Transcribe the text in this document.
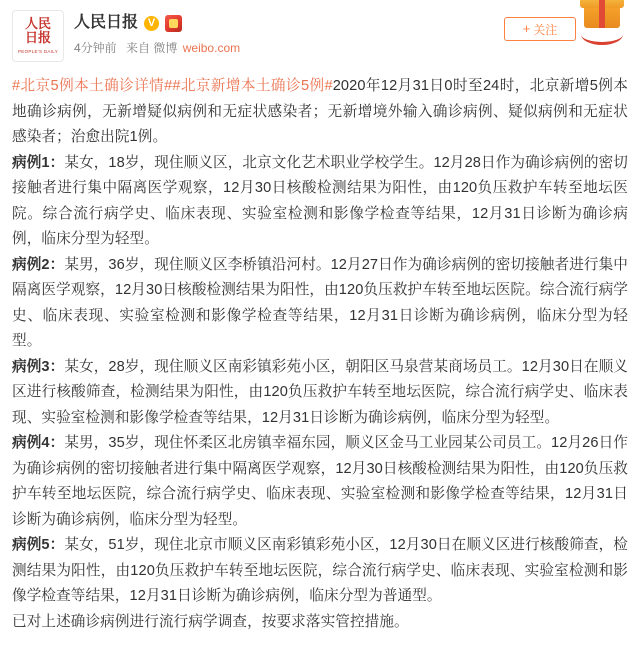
人民
日报
PEOPLE'S DAILY
人民日报 V
4分钟前 来自 微博 weibo.com
+ 关注

#北京5例本土确诊详情##北京新增本土确诊5例#2020年12月31日0时至24时，北京新增5例本地确诊病例，无新增疑似病例和无症状感染者；无新增境外输入确诊病例、疑似病例和无症状感染者；治愈出院1例。

病例1：某女，18岁，现住顺义区，北京文化艺术职业学校学生。12月28日作为确诊病例的密切接触者进行集中隔离医学观察，12月30日核酸检测结果为阳性，由120负压救护车转至地坛医院。综合流行病学史、临床表现、实验室检测和影像学检查等结果，12月31日诊断为确诊病例，临床分型为轻型。

病例2：某男，36岁，现住顺义区李桥镇沿河村。12月27日作为确诊病例的密切接触者进行集中隔离医学观察，12月30日核酸检测结果为阳性，由120负压救护车转至地坛医院。综合流行病学史、临床表现、实验室检测和影像学检查等结果，12月31日诊断为确诊病例，临床分型为轻型。

病例3：某女，28岁，现住顺义区南彩镇彩苑小区，朝阳区马泉营某商场员工。12月30日在顺义区进行核酸筛查，检测结果为阳性，由120负压救护车转至地坛医院，综合流行病学史、临床表现、实验室检测和影像学检查等结果，12月31日诊断为确诊病例，临床分型为轻型。

病例4：某男，35岁，现住怀柔区北房镇幸福东园，顺义区金马工业园某公司员工。12月26日作为确诊病例的密切接触者进行集中隔离医学观察，12月30日核酸检测结果为阳性，由120负压救护车转至地坛医院，综合流行病学史、临床表现、实验室检测和影像学检查等结果，12月31日诊断为确诊病例，临床分型为轻型。

病例5：某女，51岁，现住北京市顺义区南彩镇彩苑小区，12月30日在顺义区进行核酸筛查，检测结果为阳性，由120负压救护车转至地坛医院，综合流行病学史、临床表现、实验室检测和影像学检查等结果，12月31日诊断为确诊病例，临床分型为普通型。

已对上述确诊病例进行流行病学调查，按要求落实管控措施。
